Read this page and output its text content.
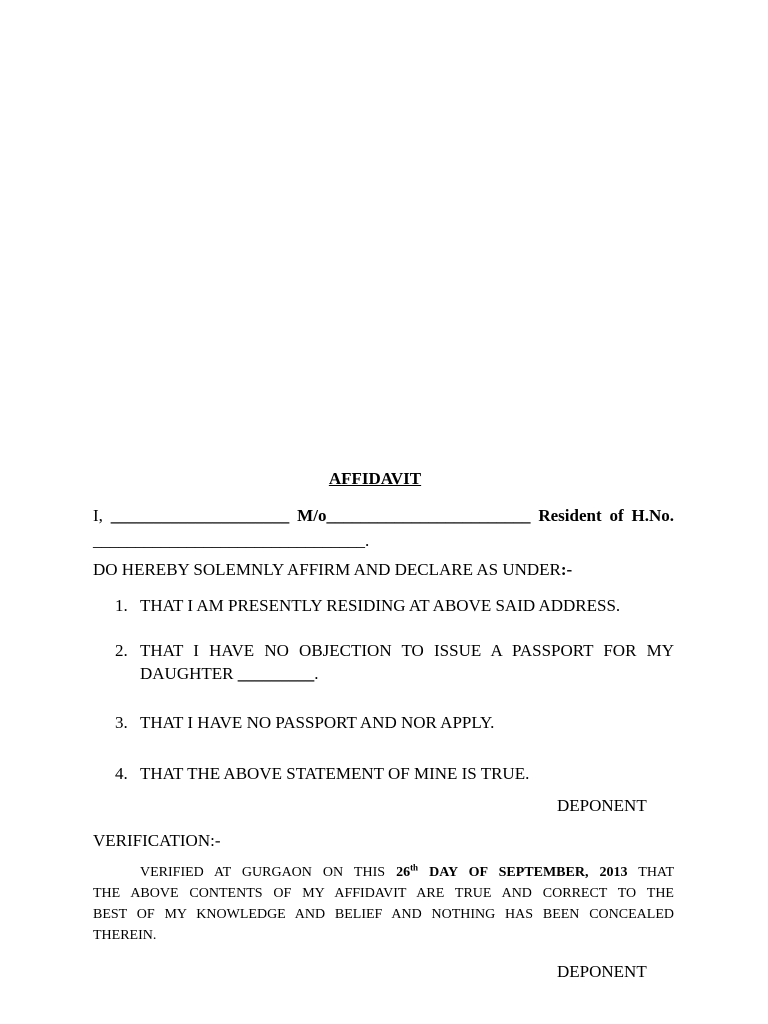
AFFIDAVIT
I, _____________________ M/o________________________ Resident of H.No.
________________________________.
DO HEREBY SOLEMNLY AFFIRM AND DECLARE AS UNDER:-
1. THAT I AM PRESENTLY RESIDING AT ABOVE SAID ADDRESS.
2. THAT I HAVE NO OBJECTION TO ISSUE A PASSPORT FOR MY
DAUGHTER _________.
3. THAT I HAVE NO PASSPORT AND NOR APPLY.
4. THAT THE ABOVE STATEMENT OF MINE IS TRUE.
DEPONENT
VERIFICATION:-
VERIFIED AT GURGAON ON THIS 26th DAY OF SEPTEMBER, 2013 THAT
THE ABOVE CONTENTS OF MY AFFIDAVIT ARE TRUE AND CORRECT TO THE
BEST OF MY KNOWLEDGE AND BELIEF AND NOTHING HAS BEEN CONCEALED
THEREIN.
DEPONENT
